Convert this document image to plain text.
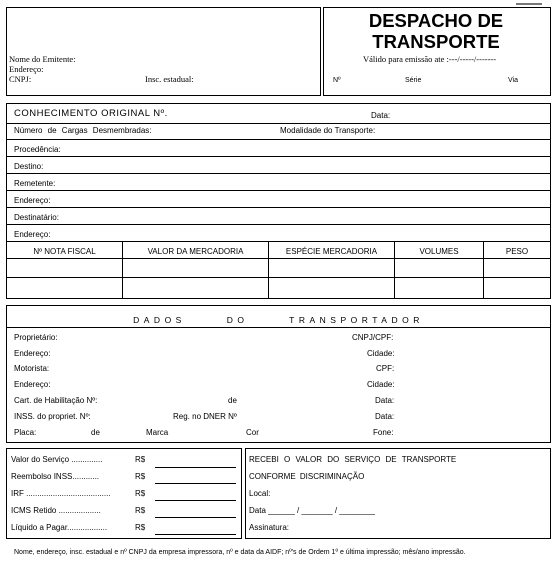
Nome do Emitente:
Endereço:
CNPJ:	Insc. estadual:
DESPACHO DE
TRANSPORTE
Válido para emissão ate :---/-----/-------
Nº	Série	Via
CONHECIMENTO ORIGINAL Nº.	Data:
Número de Cargas Desmembradas:	Modalidade do Transporte:
Procedência:
Destino:
Remetente:
Endereço:
Destinatário:
Endereço:
Nº NOTA FISCAL	VALOR DA MERCADORIA	ESPÉCIE MERCADORIA	VOLUMES	PESO
DADOS DO TRANSPORTADOR
Proprietário:	CNPJ/CPF:
Endereço:	Cidade:
Motorista:	CPF:
Endereço:	Cidade:
Cart. de Habilitação Nº:	de	Data:
INSS. do propriet. Nº:	Reg. no DNER Nº	Data:
Placa:	de	Marca	Cor	Fone:
Valor do Serviço ..............	R$
Reembolso INSS............	R$
IRF ......................................	R$
ICMS Retido ...................	R$
Líquido a Pagar..................	R$
RECEBI O VALOR DO SERVIÇO DE TRANSPORTE
CONFORME DISCRIMINAÇÃO
Local:
Data ______ / _______ / ________
Assinatura:
Nome, endereço, insc. estadual e nº CNPJ da empresa impressora, nº e data da AIDF; nº's de Ordem 1º e última impressão; mês/ano impressão.
